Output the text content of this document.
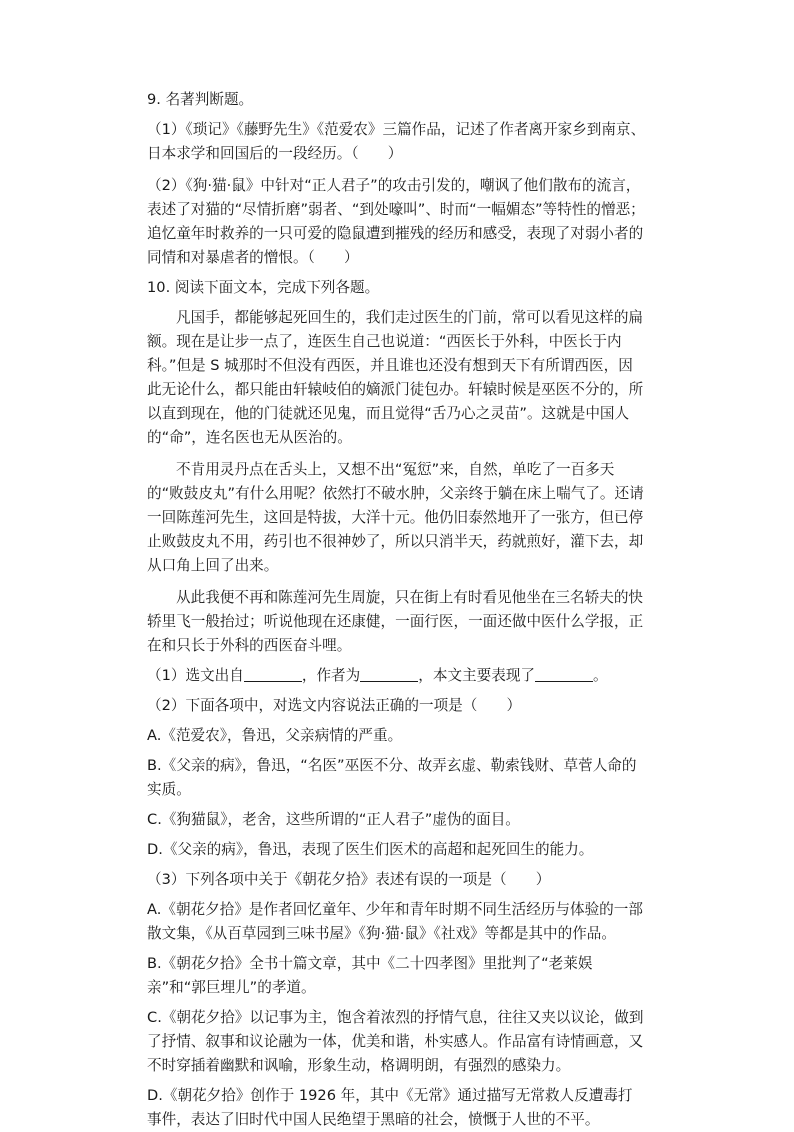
9. 名著判断题。

（1）《琐记》《藤野先生》《范爱农》三篇作品，记述了作者离开家乡到南京、 日本求学和回国后的一段经历。（　　）

（2）《狗·猫·鼠》中针对“正人君子”的攻击引发的，嘲讽了他们散布的流言，表述了对猫的“尽情折磨”弱者、“到处嚎叫”、时而“一幅媚态”等特性的憎恶；追忆童年时救养的一只可爱的隐鼠遭到摧残的经历和感受，表现了对弱小者的同情和对暴虐者的憎恨。（　　）

10. 阅读下面文本，完成下列各题。

凡国手，都能够起死回生的，我们走过医生的门前，常可以看见这样的扁额。现在是让步一点了，连医生自己也说道：“西医长于外科，中医长于内科。”但是 S 城那时不但没有西医，并且谁也还没有想到天下有所谓西医，因此无论什么，都只能由轩辕岐伯的嫡派门徒包办。轩辕时候是巫医不分的，所以直到现在，他的门徒就还见鬼，而且觉得“舌乃心之灵苗”。这就是中国人的“命”，连名医也无从医治的。

不肯用灵丹点在舌头上，又想不出“冤愆”来，自然，单吃了一百多天的“败鼓皮丸”有什么用呢？依然打不破水肿，父亲终于躺在床上喘气了。还请一回陈莲河先生，这回是特拔，大洋十元。他仍旧泰然地开了一张方，但已停止败鼓皮丸不用，药引也不很神妙了，所以只消半天，药就煎好，灌下去，却从口角上回了出来。

从此我便不再和陈莲河先生周旋，只在街上有时看见他坐在三名轿夫的快轿里飞一般抬过；听说他现在还康健，一面行医，一面还做中医什么学报，正在和只长于外科的西医奋斗哩。

（1）选文出自	，作者为	，本文主要表现了	。

（2）下面各项中，对选文内容说法正确的一项是（　　）

A.《范爱农》，鲁迅，父亲病情的严重。

B.《父亲的病》，鲁迅，“名医”巫医不分、故弄玄虚、勒索钱财、草菅人命的实质。

C.《狗猫鼠》，老舍，这些所谓的“正人君子”虚伪的面目。

D.《父亲的病》，鲁迅，表现了医生们医术的高超和起死回生的能力。

（3）下列各项中关于《朝花夕拾》表述有误的一项是（　　）

A.《朝花夕拾》是作者回忆童年、少年和青年时期不同生活经历与体验的一部散文集，《从百草园到三味书屋》《狗·猫·鼠》《社戏》等都是其中的作品。

B.《朝花夕拾》全书十篇文章，其中《二十四孝图》里批判了“老莱娱亲”和“郭巨埋儿”的孝道。

C.《朝花夕拾》以记事为主，饱含着浓烈的抒情气息，往往又夹以议论，做到了抒情、叙事和议论融为一体，优美和谐，朴实感人。作品富有诗情画意，又不时穿插着幽默和讽喻，形象生动，格调明朗，有强烈的感染力。

D.《朝花夕拾》创作于 1926 年，其中《无常》通过描写无常救人反遭毒打事件，表达了旧时代中国人民绝望于黑暗的社会，愤慨于人世的不平。
